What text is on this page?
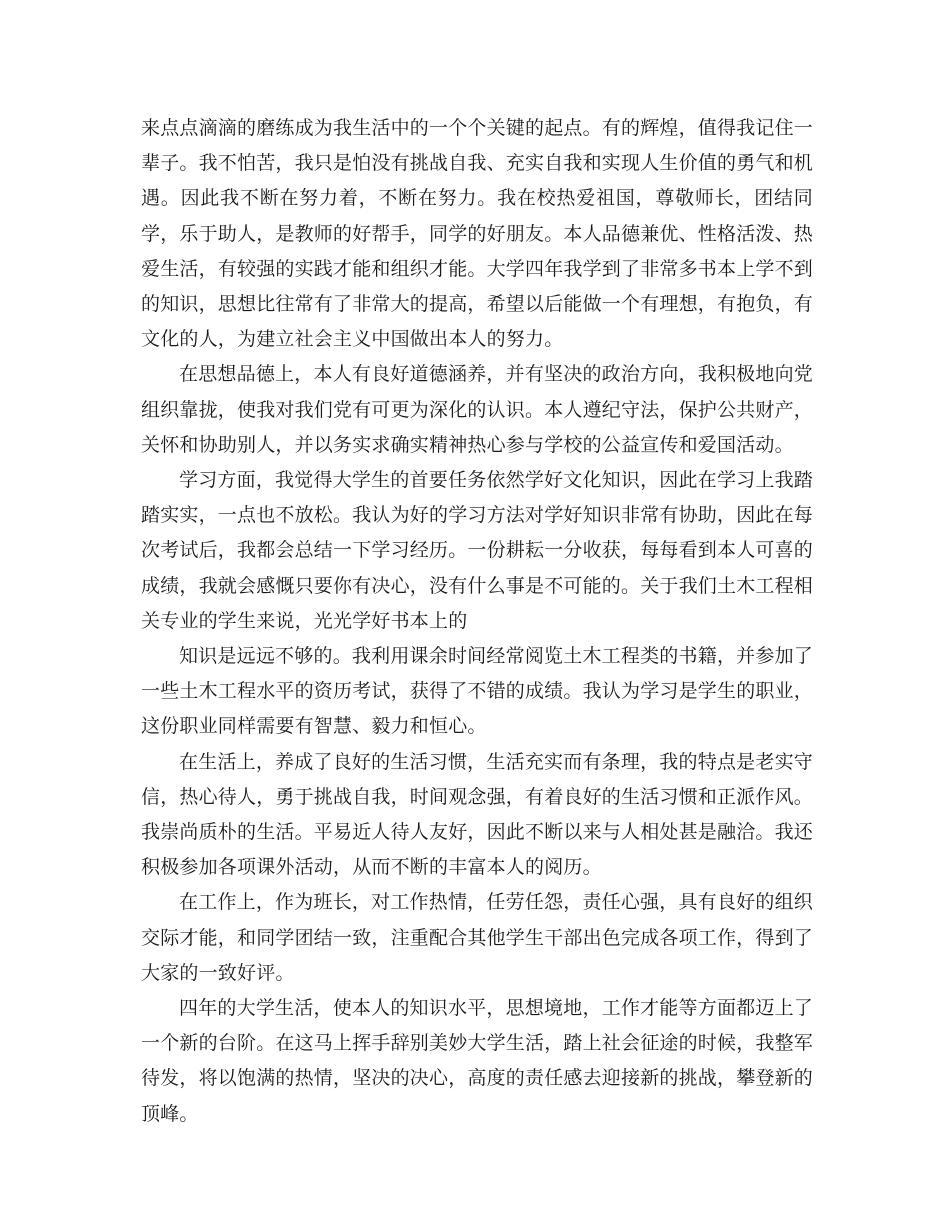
来点点滴滴的磨练成为我生活中的一个个关键的起点。有的辉煌，值得我记住一辈子。我不怕苦，我只是怕没有挑战自我、充实自我和实现人生价值的勇气和机遇。因此我不断在努力着，不断在努力。我在校热爱祖国，尊敬师长，团结同学，乐于助人，是教师的好帮手，同学的好朋友。本人品德兼优、性格活泼、热爱生活，有较强的实践才能和组织才能。大学四年我学到了非常多书本上学不到的知识，思想比往常有了非常大的提高，希望以后能做一个有理想，有抱负，有文化的人，为建立社会主义中国做出本人的努力。

在思想品德上，本人有良好道德涵养，并有坚决的政治方向，我积极地向党组织靠拢，使我对我们党有可更为深化的认识。本人遵纪守法，保护公共财产，关怀和协助别人，并以务实求确实精神热心参与学校的公益宣传和爱国活动。

学习方面，我觉得大学生的首要任务依然学好文化知识，因此在学习上我踏踏实实，一点也不放松。我认为好的学习方法对学好知识非常有协助，因此在每次考试后，我都会总结一下学习经历。一份耕耘一分收获，每每看到本人可喜的成绩，我就会感慨只要你有决心，没有什么事是不可能的。关于我们土木工程相关专业的学生来说，光光学好书本上的

知识是远远不够的。我利用课余时间经常阅览土木工程类的书籍，并参加了一些土木工程水平的资历考试，获得了不错的成绩。我认为学习是学生的职业，这份职业同样需要有智慧、毅力和恒心。

在生活上，养成了良好的生活习惯，生活充实而有条理，我的特点是老实守信，热心待人，勇于挑战自我，时间观念强，有着良好的生活习惯和正派作风。我崇尚质朴的生活。平易近人待人友好，因此不断以来与人相处甚是融洽。我还积极参加各项课外活动，从而不断的丰富本人的阅历。

在工作上，作为班长，对工作热情，任劳任怨，责任心强，具有良好的组织交际才能，和同学团结一致，注重配合其他学生干部出色完成各项工作，得到了大家的一致好评。

四年的大学生活，使本人的知识水平，思想境地，工作才能等方面都迈上了一个新的台阶。在这马上挥手辞别美妙大学生活，踏上社会征途的时候，我整军待发，将以饱满的热情，坚决的决心，高度的责任感去迎接新的挑战，攀登新的顶峰。
